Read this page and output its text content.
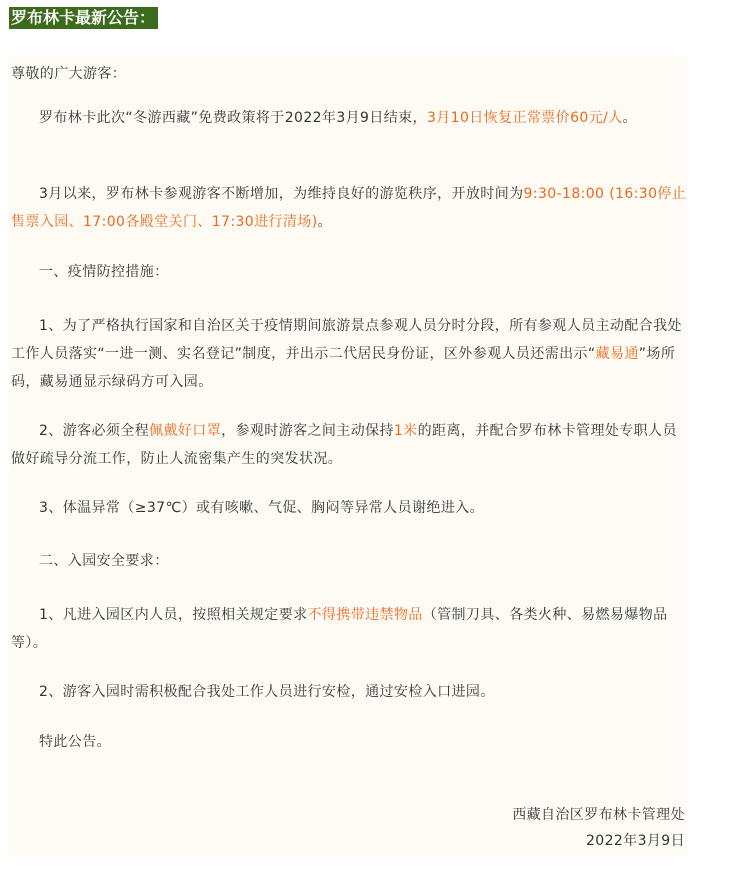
罗布林卡最新公告：

尊敬的广大游客：

罗布林卡此次“冬游西藏”免费政策将于2022年3月9日结束，3月10日恢复正常票价60元/人。

3月以来，罗布林卡参观游客不断增加，为维持良好的游览秩序，开放时间为9:30-18:00 (16:30停止售票入园、17:00各殿堂关门、17:30进行清场)。

一、疫情防控措施：

1、为了严格执行国家和自治区关于疫情期间旅游景点参观人员分时分段，所有参观人员主动配合我处工作人员落实“一进一测、实名登记”制度，并出示二代居民身份证，区外参观人员还需出示“藏易通”场所码，藏易通显示绿码方可入园。

2、游客必须全程佩戴好口罩，参观时游客之间主动保持1米的距离，并配合罗布林卡管理处专职人员做好疏导分流工作，防止人流密集产生的突发状况。

3、体温异常（≥37℃）或有咳嗽、气促、胸闷等异常人员谢绝进入。

二、入园安全要求：

1、凡进入园区内人员，按照相关规定要求不得携带违禁物品（管制刀具、各类火种、易燃易爆物品等）。

2、游客入园时需积极配合我处工作人员进行安检，通过安检入口进园。

特此公告。

西藏自治区罗布林卡管理处
2022年3月9日
